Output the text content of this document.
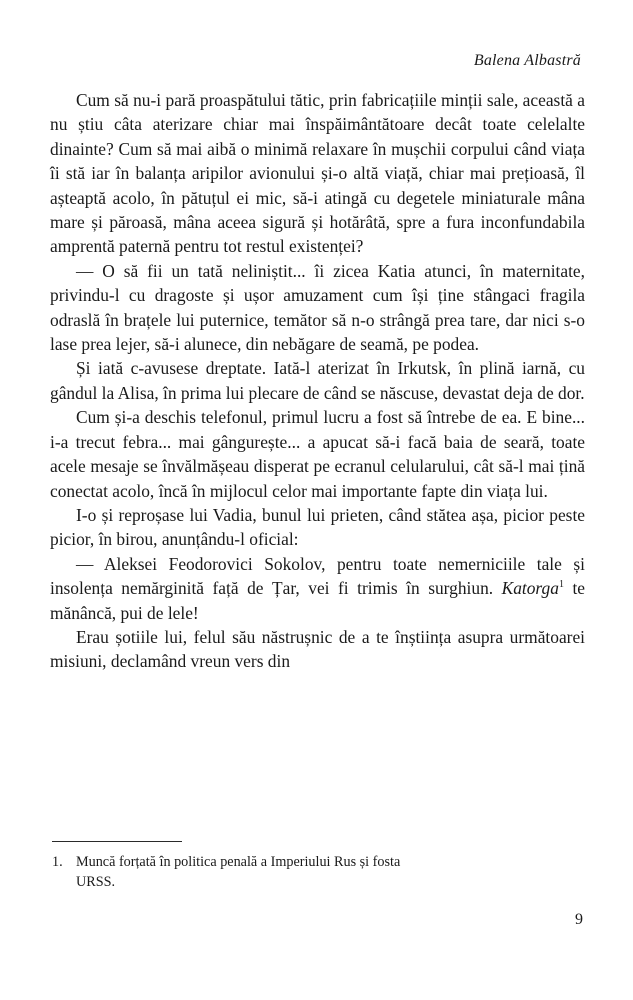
Balena Albastră

Cum să nu-i pară proaspătului tătic, prin fabricațiile minții sale, această a nu știu câta aterizare chiar mai înspăimântătoare decât toate celelalte dinainte? Cum să mai aibă o minimă relaxare în mușchii corpului când viața îi stă iar în balanța aripilor avionului și-o altă viață, chiar mai prețioasă, îl așteaptă acolo, în pătuțul ei mic, să-i atingă cu degetele miniaturale mâna mare și păroasă, mâna aceea sigură și hotărâtă, spre a fura inconfundabila amprentă paternă pentru tot restul existenței?

— O să fii un tată neliniștit... îi zicea Katia atunci, în maternitate, privindu-l cu dragoste și ușor amuzament cum își ține stângaci fragila odraslă în brațele lui puternice, temător să n-o strângă prea tare, dar nici s-o lase prea lejer, să-i alunece, din nebăgare de seamă, pe podea.

Și iată c-avusese dreptate. Iată-l aterizat în Irkutsk, în plină iarnă, cu gândul la Alisa, în prima lui plecare de când se născuse, devastat deja de dor.

Cum și-a deschis telefonul, primul lucru a fost să întrebe de ea. E bine... i-a trecut febra... mai gângurește... a apucat să-i facă baia de seară, toate acele mesaje se învălmășeau disperat pe ecranul celularului, cât să-l mai țină conectat acolo, încă în mijlocul celor mai importante fapte din viața lui.

I-o și reproșase lui Vadia, bunul lui prieten, când stătea așa, picior peste picior, în birou, anunțându-l oficial:

— Aleksei Feodorovici Sokolov, pentru toate nemerniciile tale și insolența nemărginită față de Țar, vei fi trimis în surghiun. Katorga$^1$ te mănâncă, pui de lele!

Erau șotiile lui, felul său năstrușnic de a te înștiința asupra următoarei misiuni, declamând vreun vers din

1. Muncă forțată în politica penală a Imperiului Rus și fosta
URSS.
9
